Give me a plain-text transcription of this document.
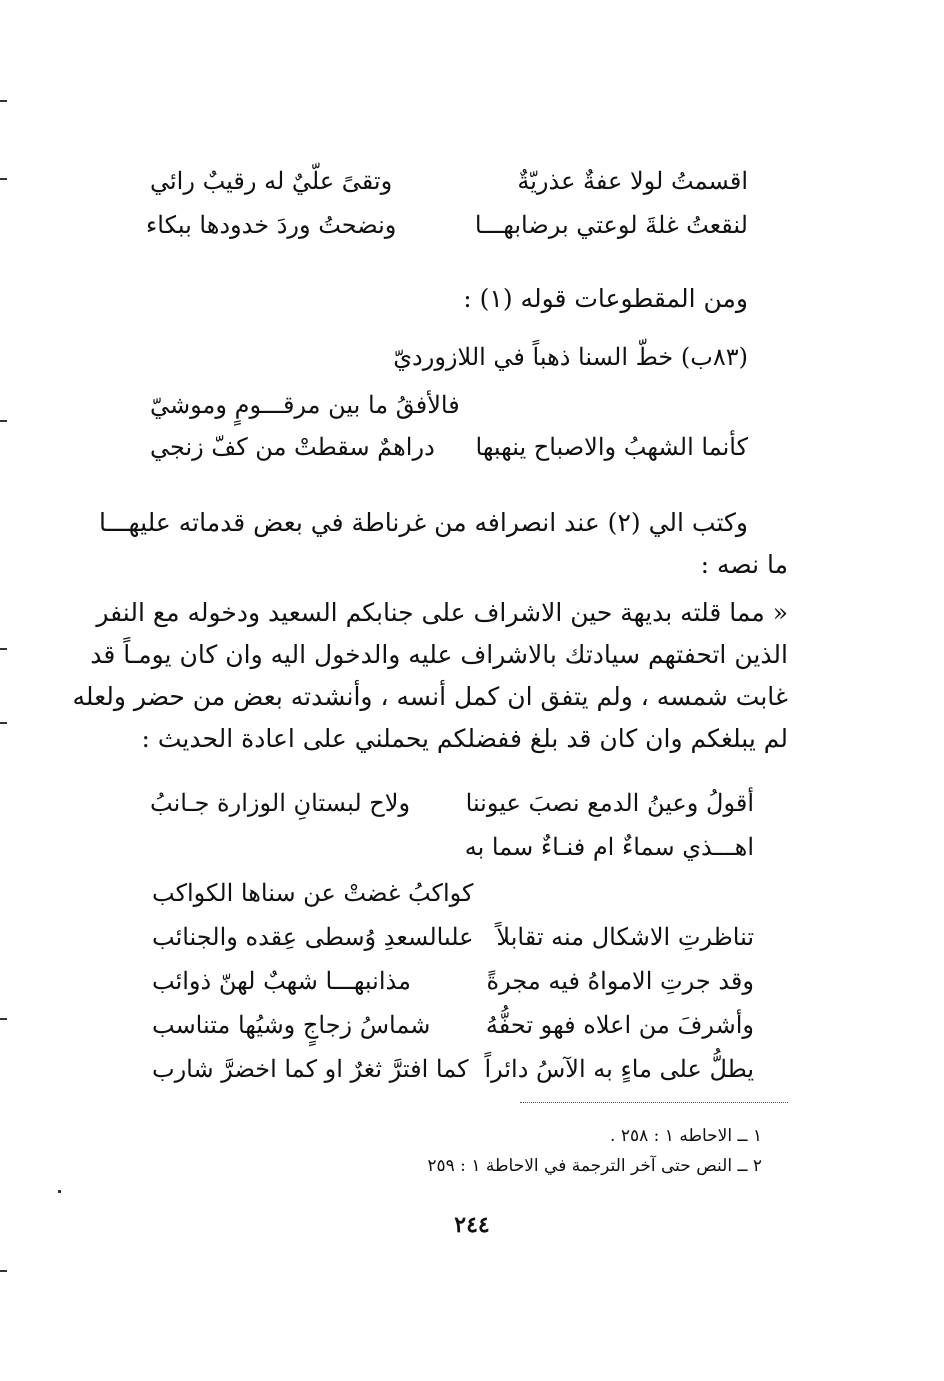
اقسمتُ لولا عفةٌ عذريّةٌ
وتقىً علّيٌ له رقيبٌ رائي
لنقعتُ غلةَ لوعتي برضابهـــا
ونضحتُ وردَ خدودها ببكاء
ومن المقطوعات قوله (١) :
(٨٣ب) خطّ السنا ذهباً في اللازورديّ
فالأفقُ ما بين مرقـــومٍ وموشيّ
كأنما الشهبُ والاصباح ينهبها
دراهمٌ سقطتْ من كفّ زنجي
وكتب الي (٢) عند انصرافه من غرناطة في بعض قدماته عليهـــا
ما نصه :
« مما قلته بديهة حين الاشراف على جنابكم السعيد ودخوله مع النفر
الذين اتحفتهم سيادتك بالاشراف عليه والدخول اليه وان كان يومـاً قد
غابت شمسه ، ولم يتفق ان كمل أنسه ، وأنشدته بعض من حضر ولعله
لم يبلغكم وان كان قد بلغ ففضلكم يحملني على اعادة الحديث :
أقولُ وعينُ الدمع نصبَ عيوننا
ولاح لبستانِ الوزارة جـانبُ
اهـــذي سماءٌ ام فنـاءٌ سما به
كواكبُ غضتْ عن سناها الكواكب
تناظرتِ الاشكال منه تقابلاً
علىالسعدِ وُسطى عِقده والجنائب
وقد جرتِ الامواهُ فيه مجرةً
مذانبهـــا شهبٌ لهنّ ذوائب
وأشرفَ من اعلاه فهو تحفُّهُ
شماسُ زجاجٍ وشيُها متناسب
يطلُّ على ماءٍ به الآسُ دائراً
كما افترَّ ثغرٌ او كما اخضرَّ شارب
١ ــ الاحاطه ١ : ٢٥٨ .
٢ ــ النص حتى آخر الترجمة في الاحاطة ١ : ٢٥٩
٢٤٤
